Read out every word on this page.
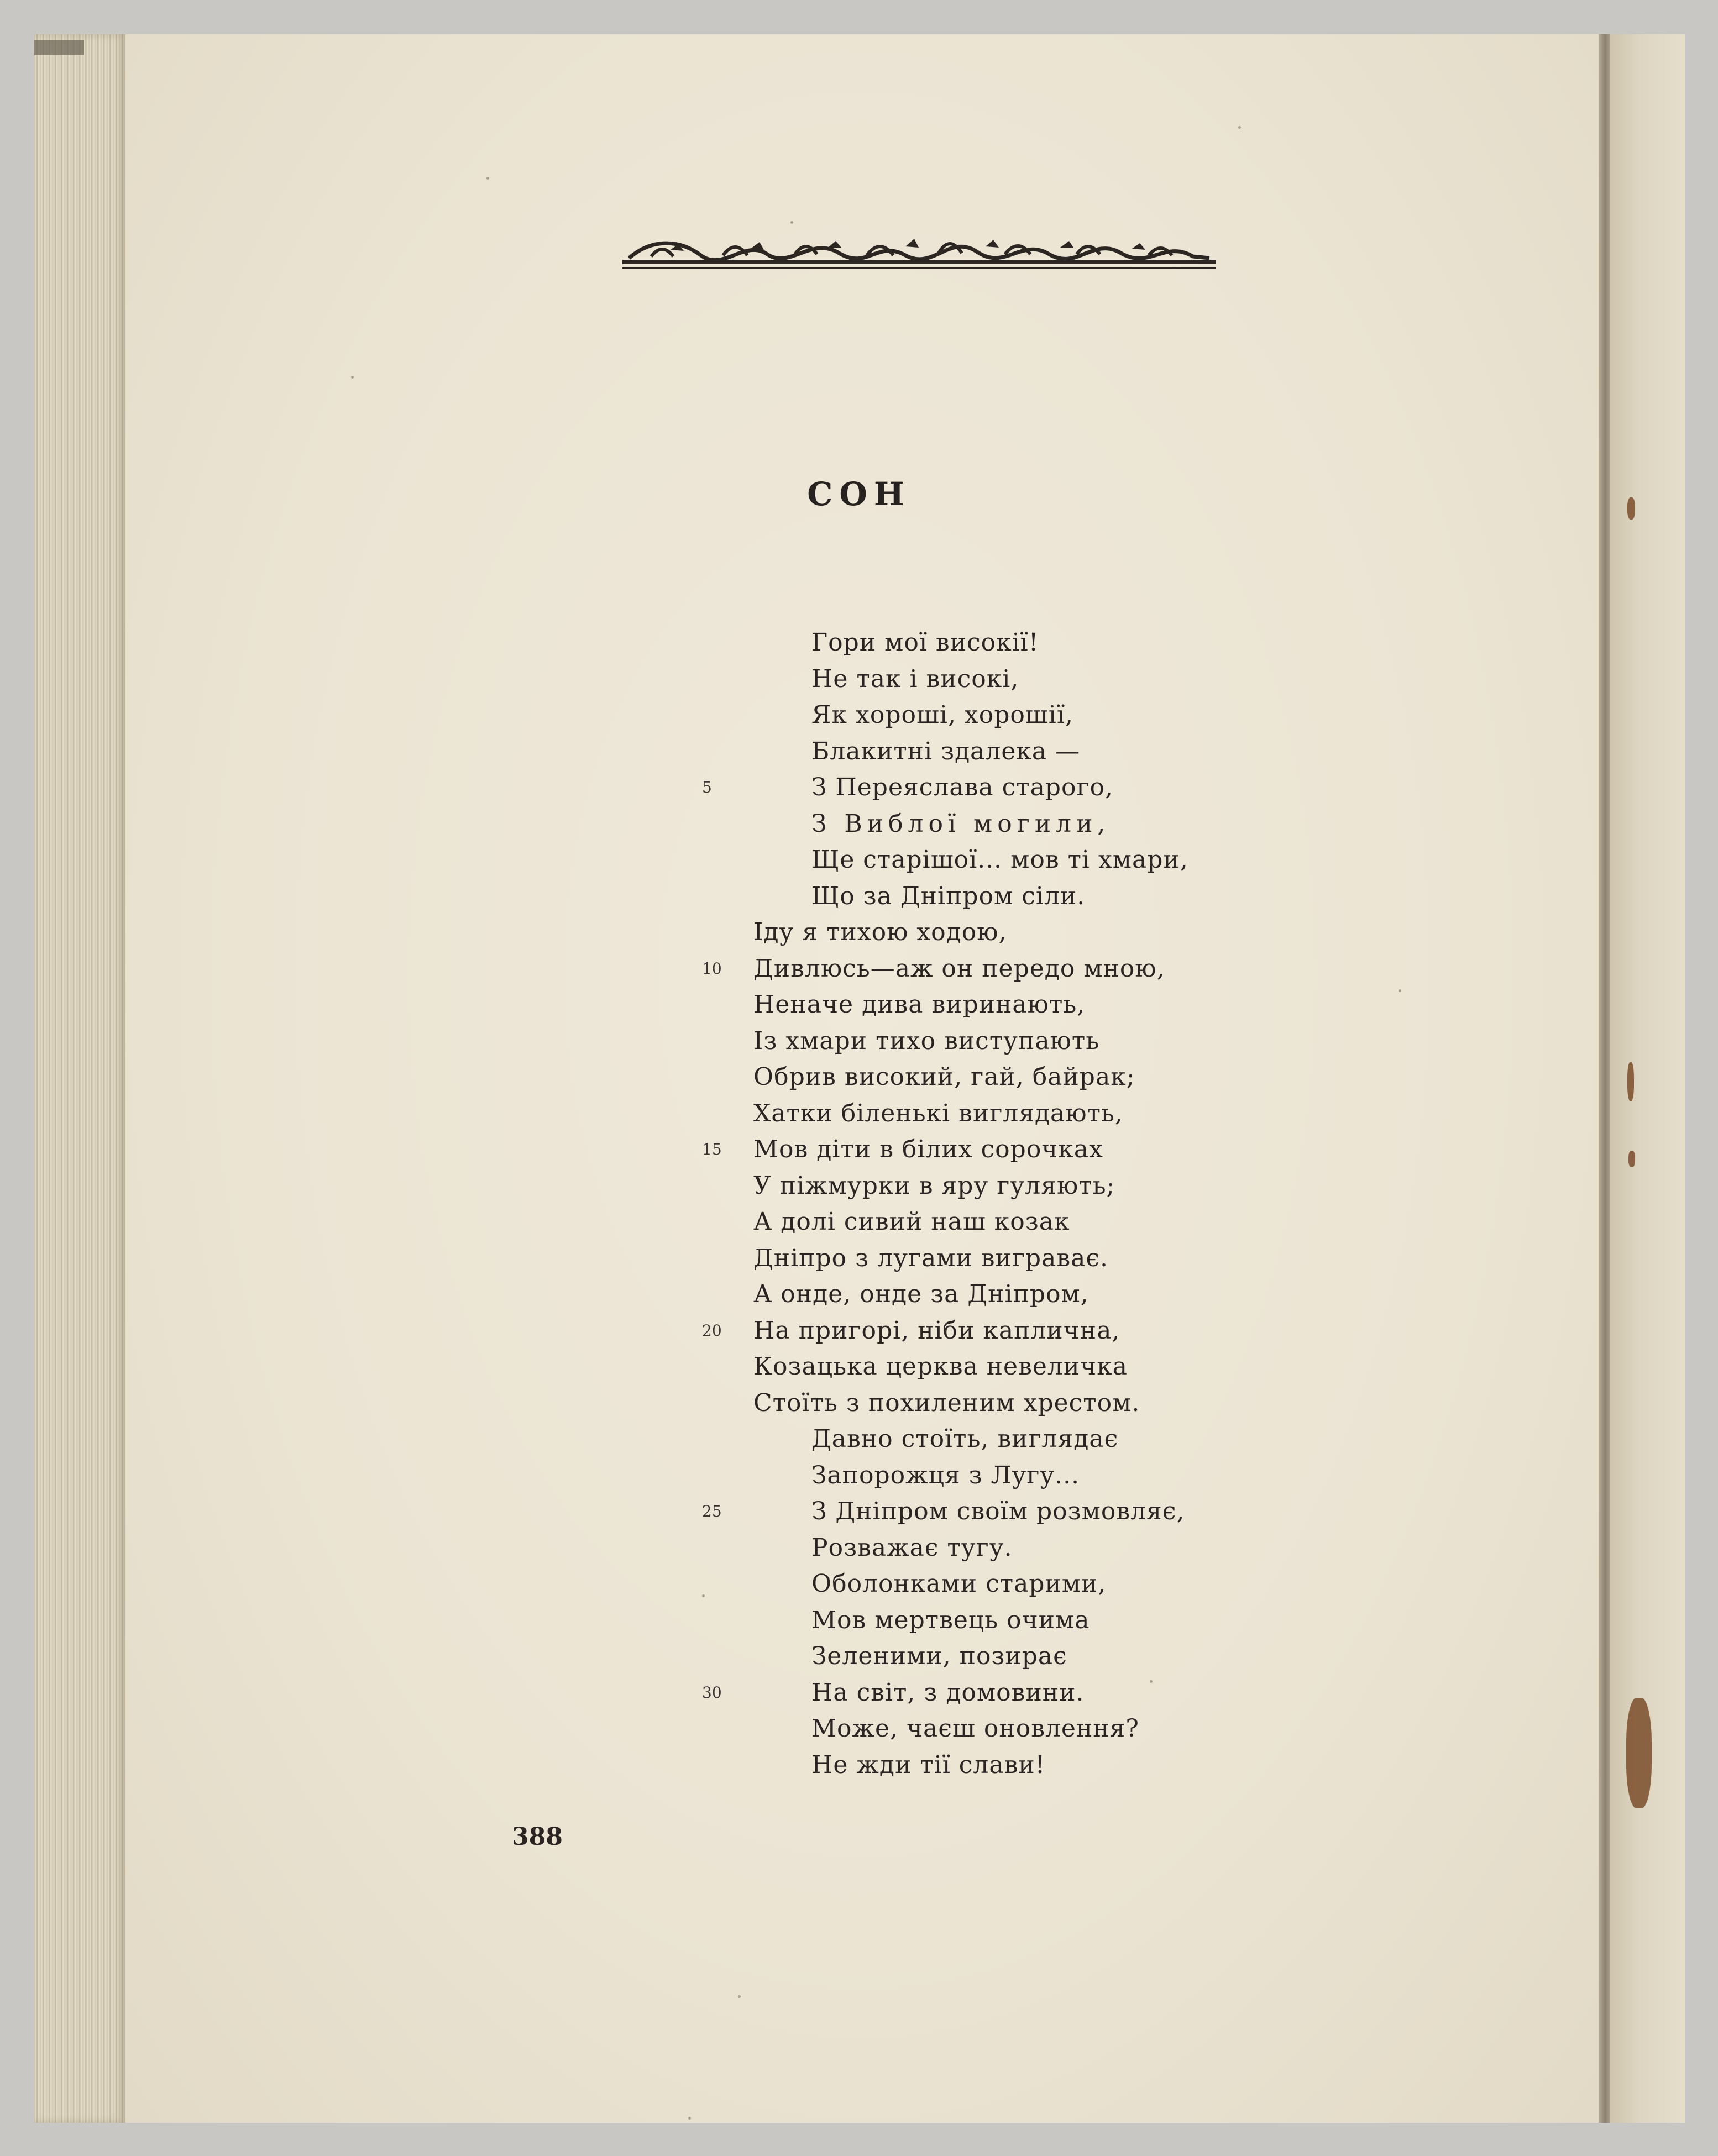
СОН
Гори мої високії!
Не так і високі,
Як хороші, хорошії,
Блакитні здалека —
З Переяслава старого,
5
З Виблої могили,
Ще старішої... мов ті хмари,
Що за Дніпром сіли.
Іду я тихою ходою,
Дивлюсь—аж он передо мною,
10
Неначе дива виринають,
Із хмари тихо виступають
Обрив високий, гай, байрак;
Хатки біленькі виглядають,
Мов діти в білих сорочках
15
У піжмурки в яру гуляють;
А долі сивий наш козак
Дніпро з лугами виграває.
А онде, онде за Дніпром,
На пригорі, ніби каплична,
20
Козацька церква невеличка
Стоїть з похиленим хрестом.
Давно стоїть, виглядає
Запорожця з Лугу...
З Дніпром своїм розмовляє,
25
Розважає тугу.
Оболонками старими,
Мов мертвець очима
Зеленими, позирає
На світ, з домовини.
30
Може, чаєш оновлення?
Не жди тії слави!
388
